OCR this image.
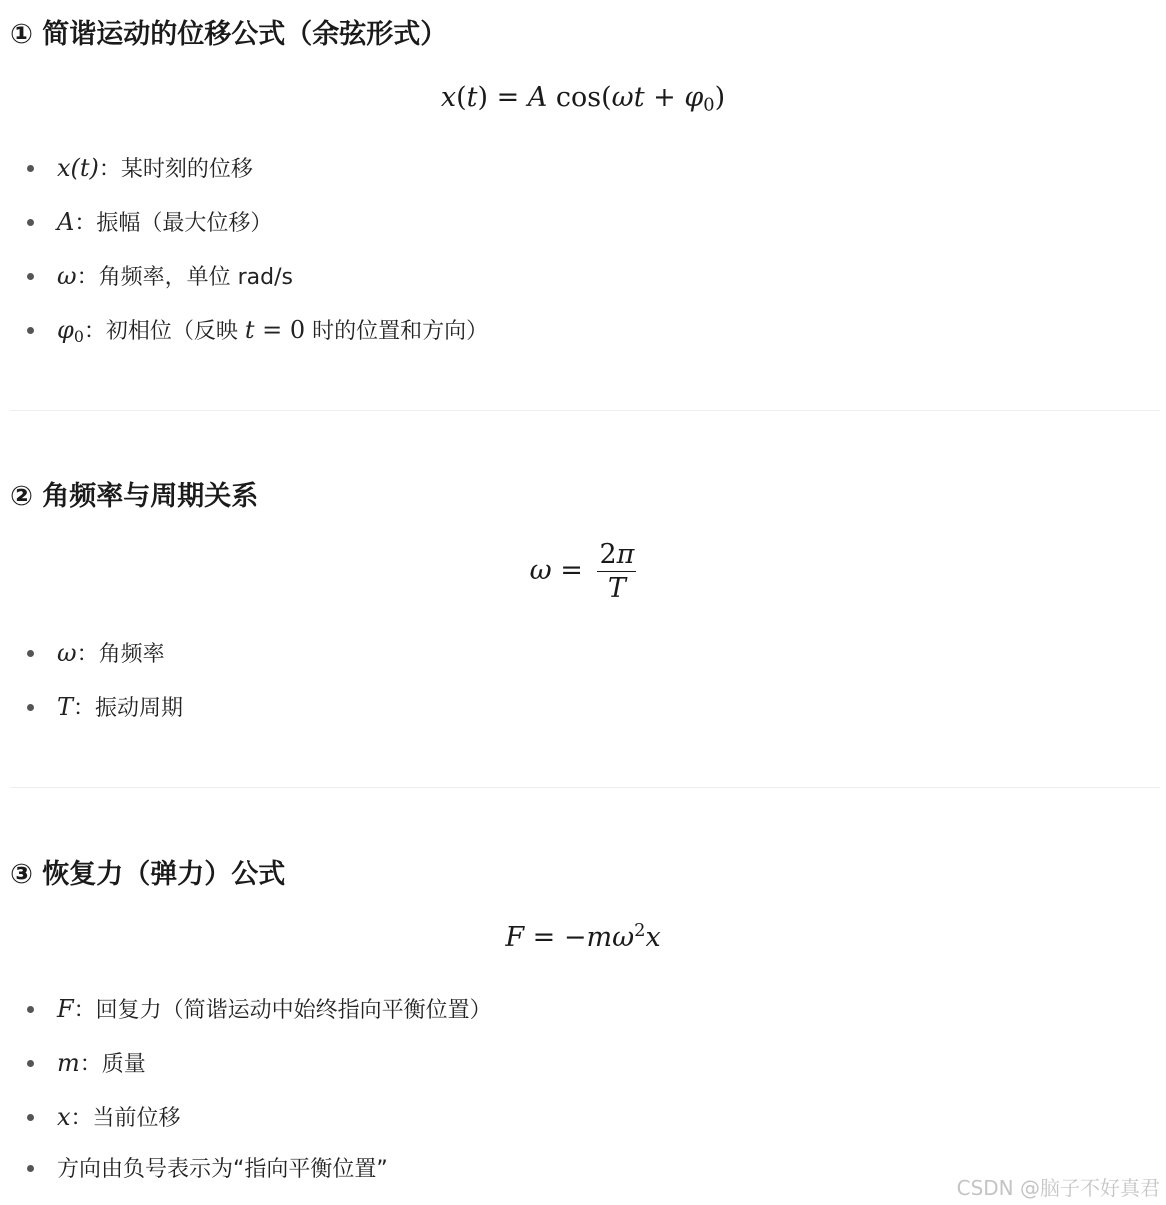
① 简谐运动的位移公式（余弦形式）
x(t) = A $\cos(\omega t + \varphi_0)$
x(t)：某时刻的位移
A：振幅（最大位移）
ω：角频率，单位 rad/s
$\varphi_0$：初相位（反映 t = 0 时的位置和方向）
② 角频率与周期关系
$\omega = \frac{2\pi}{T}$
ω：角频率
T：振动周期
③ 恢复力（弹力）公式
$F = -m\omega^2x$
F：回复力（简谐运动中始终指向平衡位置）
m：质量
x：当前位移
方向由负号表示为“指向平衡位置”
CSDN @脑子不好真君
